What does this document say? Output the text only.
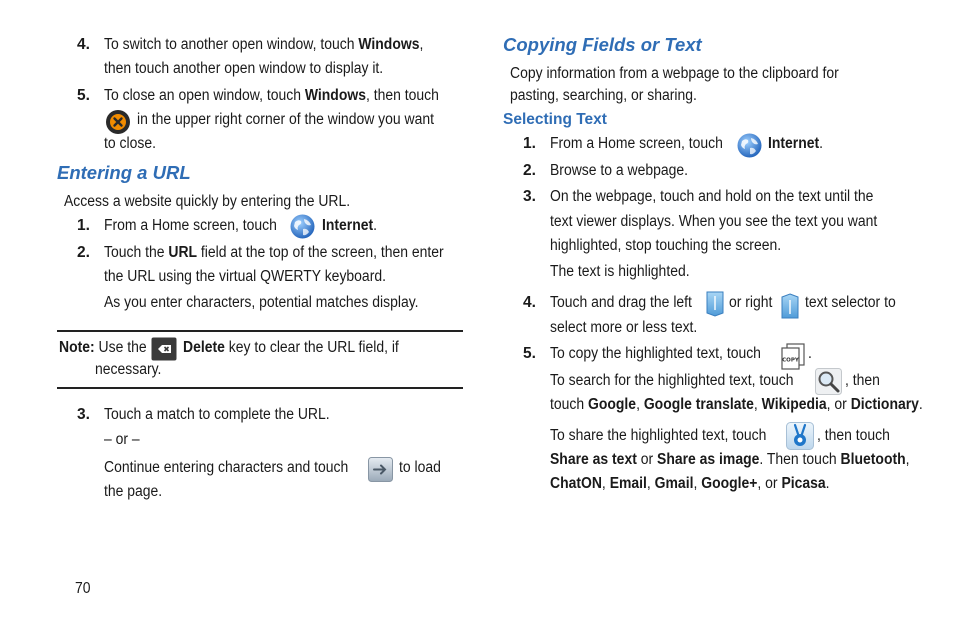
4. To switch to another open window, touch Windows,
then touch another open window to display it.
5. To close an open window, touch Windows, then touch
in the upper right corner of the window you want
to close.
Entering a URL
Access a website quickly by entering the URL.
1. From a Home screen, touch	Internet.
2. Touch the URL field at the top of the screen, then enter
the URL using the virtual QWERTY keyboard.
As you enter characters, potential matches display.
Note: Use the Delete key to clear the URL field, if
necessary.
3. Touch a match to complete the URL.
– or –
Continue entering characters and touch	to load
the page.
70
Copying Fields or Text
Copy information from a webpage to the clipboard for
pasting, searching, or sharing.
Selecting Text
1. From a Home screen, touch	Internet.
2. Browse to a webpage.
3. On the webpage, touch and hold on the text until the
text viewer displays. When you see the text you want
highlighted, stop touching the screen.
The text is highlighted.
4. Touch and drag the left or right text selector to
select more or less text.
5. To copy the highlighted text, touch	COPY .
To search for the highlighted text, touch	, then
touch Google, Google translate, Wikipedia, or Dictionary.
To share the highlighted text, touch	, then touch
Share as text or Share as image. Then touch Bluetooth,
ChatON, Email, Gmail, Google+, or Picasa.
